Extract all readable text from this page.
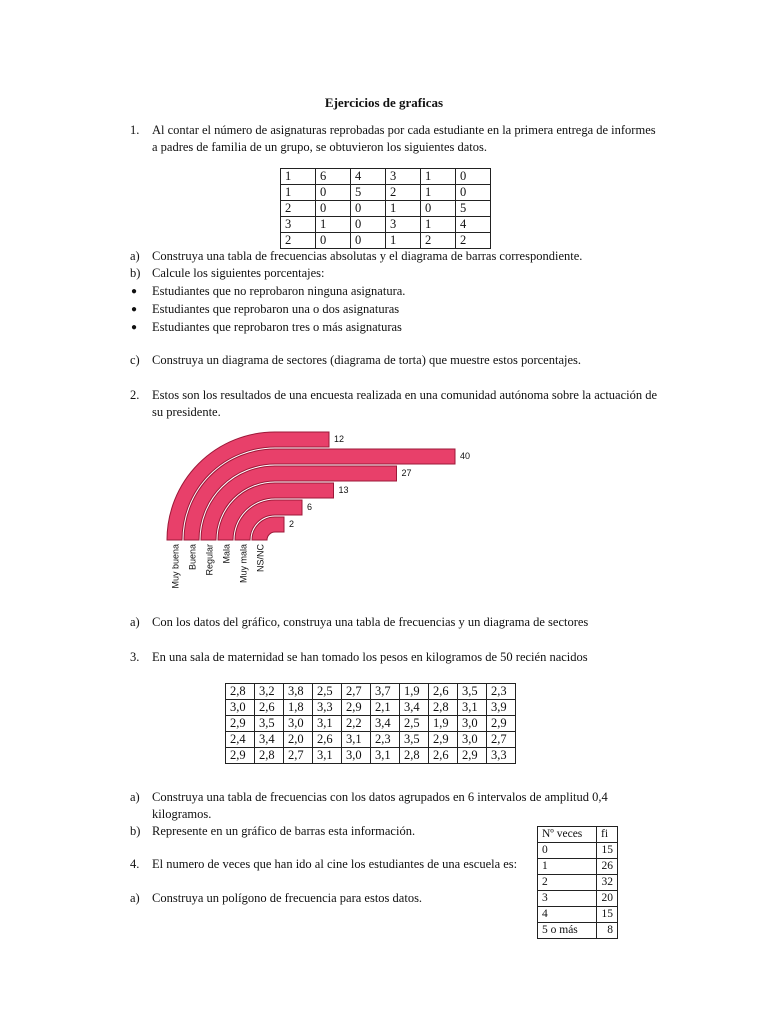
Ejercicios de graficas
1.	Al contar el número de asignaturas reprobadas por cada estudiante en la primera entrega de informes
a padres de familia de un grupo, se obtuvieron los siguientes datos.
1	6	4	3	1	0
1	0	5	2	1	0
2	0	0	1	0	5
3	1	0	3	1	4
2	0	0	1	2	2
a) Construya una tabla de frecuencias absolutas y el diagrama de barras correspondiente.
b) Calcule los siguientes porcentajes:
● Estudiantes que no reprobaron ninguna asignatura.
● Estudiantes que reprobaron una o dos asignaturas
● Estudiantes que reprobaron tres o más asignaturas
c) Construya un diagrama de sectores (diagrama de torta) que muestre estos porcentajes.
2. Estos son los resultados de una encuesta realizada en una comunidad autónoma sobre la actuación de
su presidente.
12
Muy buena
40
Buena
27
Regular
13
Mala
6
Muy mala
2
NS/NC
a) Con los datos del gráfico, construya una tabla de frecuencias y un diagrama de sectores
3. En una sala de maternidad se han tomado los pesos en kilogramos de 50 recién nacidos
2,8	3,2	3,8	2,5	2,7	3,7	1,9	2,6	3,5	2,3
3,0	2,6	1,8	3,3	2,9	2,1	3,4	2,8	3,1	3,9
2,9	3,5	3,0	3,1	2,2	3,4	2,5	1,9	3,0	2,9
2,4	3,4	2,0	2,6	3,1	2,3	3,5	2,9	3,0	2,7
2,9	2,8	2,7	3,1	3,0	3,1	2,8	2,6	2,9	3,3
a) Construya una tabla de frecuencias con los datos agrupados en 6 intervalos de amplitud 0,4
kilogramos.
b) Represente en un gráfico de barras esta información.
4. El numero de veces que han ido al cine los estudiantes de una escuela es:
Nº veces	fi
0	15
1	26
2	32
3	20
4	15
5 o más	8
a) Construya un polígono de frecuencia para estos datos.
